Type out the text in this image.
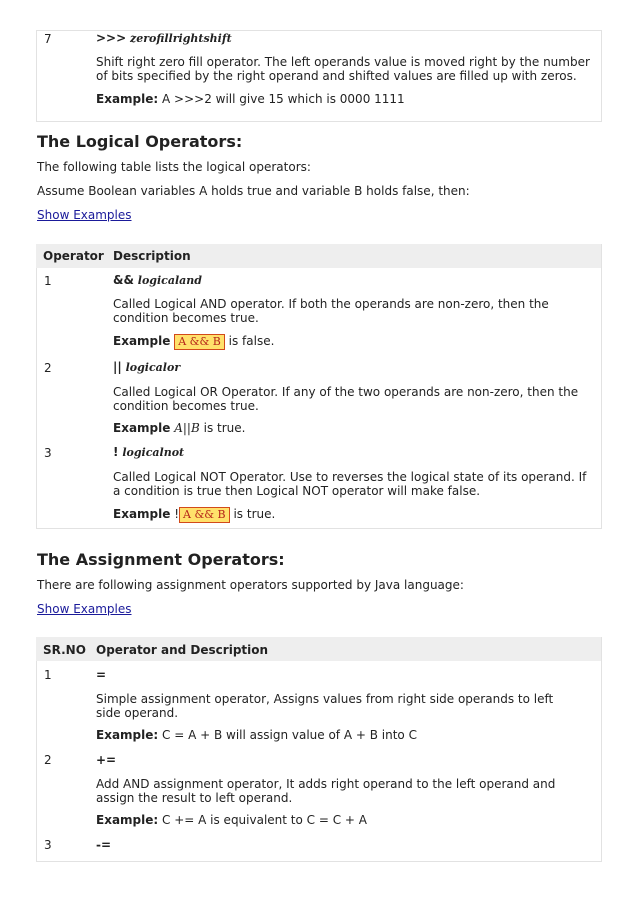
7	>>> zerofillrightshift
Shift right zero fill operator. The left operands value is moved right by the number of bits specified by the right operand and shifted values are filled up with zeros.
Example: A >>>2 will give 15 which is 0000 1111
The Logical Operators:
The following table lists the logical operators:
Assume Boolean variables A holds true and variable B holds false, then:
Show Examples
Operator Description
1	&& logicaland
Called Logical AND operator. If both the operands are non-zero, then the condition becomes true.
Example A && B is false.
2	|| logicalor
Called Logical OR Operator. If any of the two operands are non-zero, then the condition becomes true.
Example A||B is true.
3	! logicalnot
Called Logical NOT Operator. Use to reverses the logical state of its operand. If a condition is true then Logical NOT operator will make false.
Example ! A && B is true.
The Assignment Operators:
There are following assignment operators supported by Java language:
Show Examples
SR.NO Operator and Description
1	=
Simple assignment operator, Assigns values from right side operands to left side operand.
Example: C = A + B will assign value of A + B into C
2	+=
Add AND assignment operator, It adds right operand to the left operand and assign the result to left operand.
Example: C += A is equivalent to C = C + A
3	-=
